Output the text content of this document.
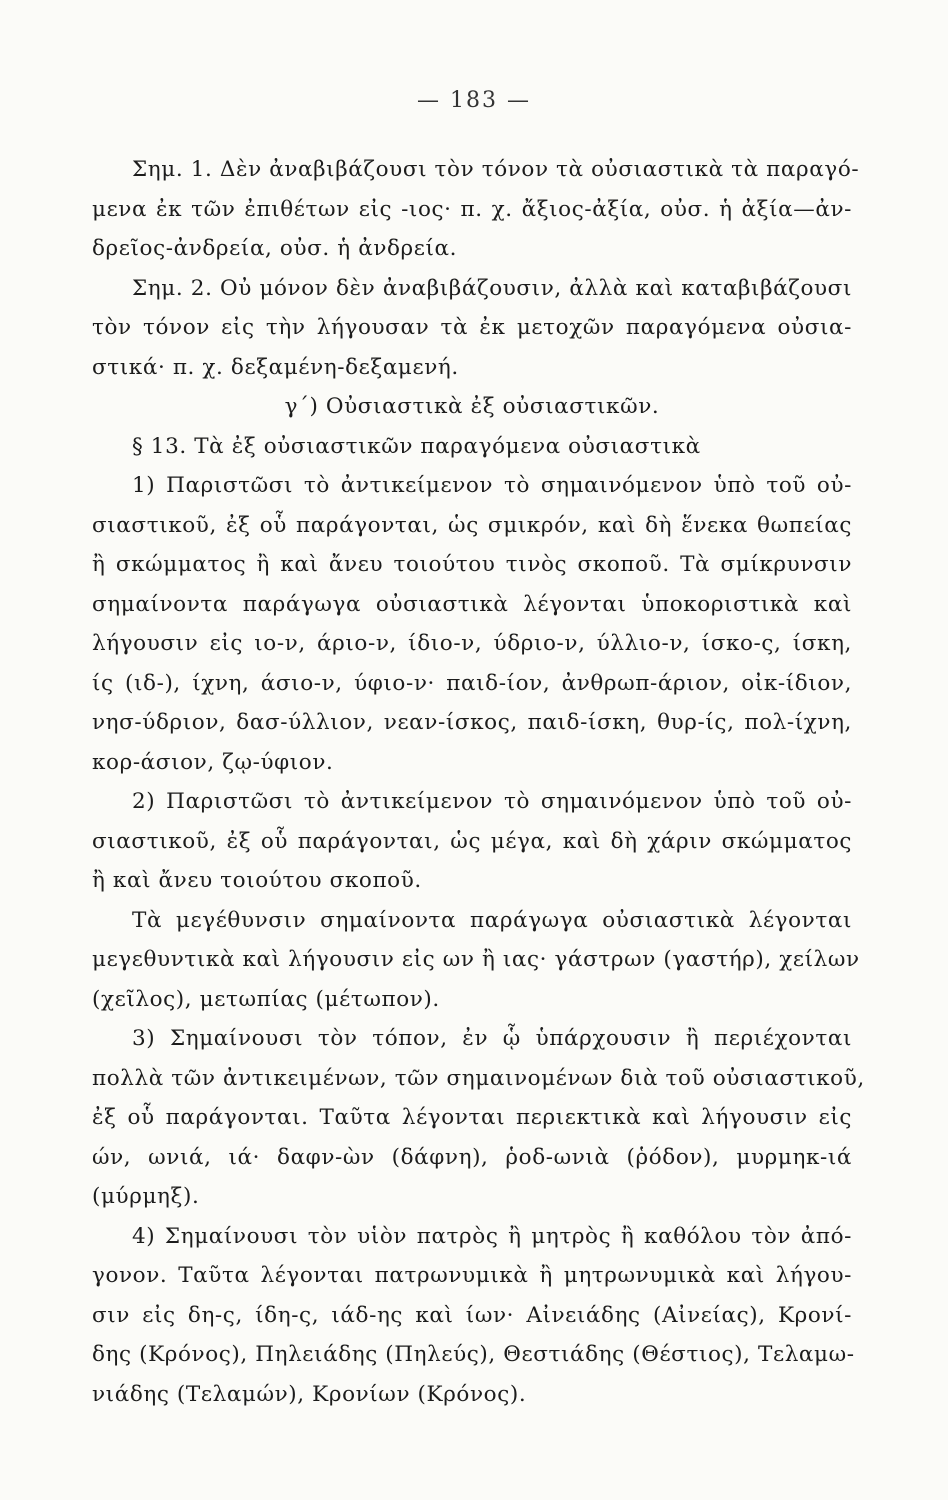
— 183 —
Σημ. 1. Δὲν ἀναβιβάζουσι τὸν τόνον τὰ οὐσιαστικὰ τὰ παραγό-
μενα ἐκ τῶν ἐπιθέτων εἰς -ιος· π. χ. ἄξιος-ἀξία, οὐσ. ἡ ἀξία—ἀν-
δρεῖος-ἀνδρεία, οὐσ. ἡ ἀνδρεία.
Σημ. 2. Οὐ μόνον δὲν ἀναβιβάζουσιν, ἀλλὰ καὶ καταβιβάζουσι
τὸν τόνον εἰς τὴν λήγουσαν τὰ ἐκ μετοχῶν παραγόμενα οὐσια-
στικά· π. χ. δεξαμένη-δεξαμενή.
γ΄) Οὐσιαστικὰ ἐξ οὐσιαστικῶν.
§ 13. Τὰ ἐξ οὐσιαστικῶν παραγόμενα οὐσιαστικὰ
1) Παριστῶσι τὸ ἀντικείμενον τὸ σημαινόμενον ὑπὸ τοῦ οὐ-
σιαστικοῦ, ἐξ οὗ παράγονται, ὡς σμικρόν, καὶ δὴ ἕνεκα θωπείας
ἢ σκώμματος ἢ καὶ ἄνευ τοιούτου τινὸς σκοποῦ. Τὰ σμίκρυνσιν
σημαίνοντα παράγωγα οὐσιαστικὰ λέγονται ὑποκοριστικὰ καὶ
λήγουσιν εἰς ιο-ν, άριο-ν, ίδιο-ν, ύδριο-ν, ύλλιο-ν, ίσκο-ς, ίσκη,
ίς (ιδ-), ίχνη, άσιο-ν, ύφιο-ν· παιδ-ίον, ἀνθρωπ-άριον, οἰκ-ίδιον,
νησ-ύδριον, δασ-ύλλιον, νεαν-ίσκος, παιδ-ίσκη, θυρ-ίς, πολ-ίχνη,
κορ-άσιον, ζῳ-ύφιον.
2) Παριστῶσι τὸ ἀντικείμενον τὸ σημαινόμενον ὑπὸ τοῦ οὐ-
σιαστικοῦ, ἐξ οὗ παράγονται, ὡς μέγα, καὶ δὴ χάριν σκώμματος
ἢ καὶ ἄνευ τοιούτου σκοποῦ.
Τὰ μεγέθυνσιν σημαίνοντα παράγωγα οὐσιαστικὰ λέγονται
μεγεθυντικὰ καὶ λήγουσιν εἰς ων ἢ ιας· γάστρων (γαστήρ), χείλων
(χεῖλος), μετωπίας (μέτωπον).
3) Σημαίνουσι τὸν τόπον, ἐν ᾧ ὑπάρχουσιν ἢ περιέχονται
πολλὰ τῶν ἀντικειμένων, τῶν σημαινομένων διὰ τοῦ οὐσιαστικοῦ,
ἐξ οὗ παράγονται. Ταῦτα λέγονται περιεκτικὰ καὶ λήγουσιν εἰς
ών, ωνιά, ιά· δαφν-ὼν (δάφνη), ῥοδ-ωνιὰ (ῥόδον), μυρμηκ-ιά
(μύρμηξ).
4) Σημαίνουσι τὸν υἱὸν πατρὸς ἢ μητρὸς ἢ καθόλου τὸν ἀπό-
γονον. Ταῦτα λέγονται πατρωνυμικὰ ἢ μητρωνυμικὰ καὶ λήγου-
σιν εἰς δη-ς, ίδη-ς, ιάδ-ης καὶ ίων· Αἰνειάδης (Αἰνείας), Κρονί-
δης (Κρόνος), Πηλειάδης (Πηλεύς), Θεστιάδης (Θέστιος), Τελαμω-
νιάδης (Τελαμών), Κρονίων (Κρόνος).
